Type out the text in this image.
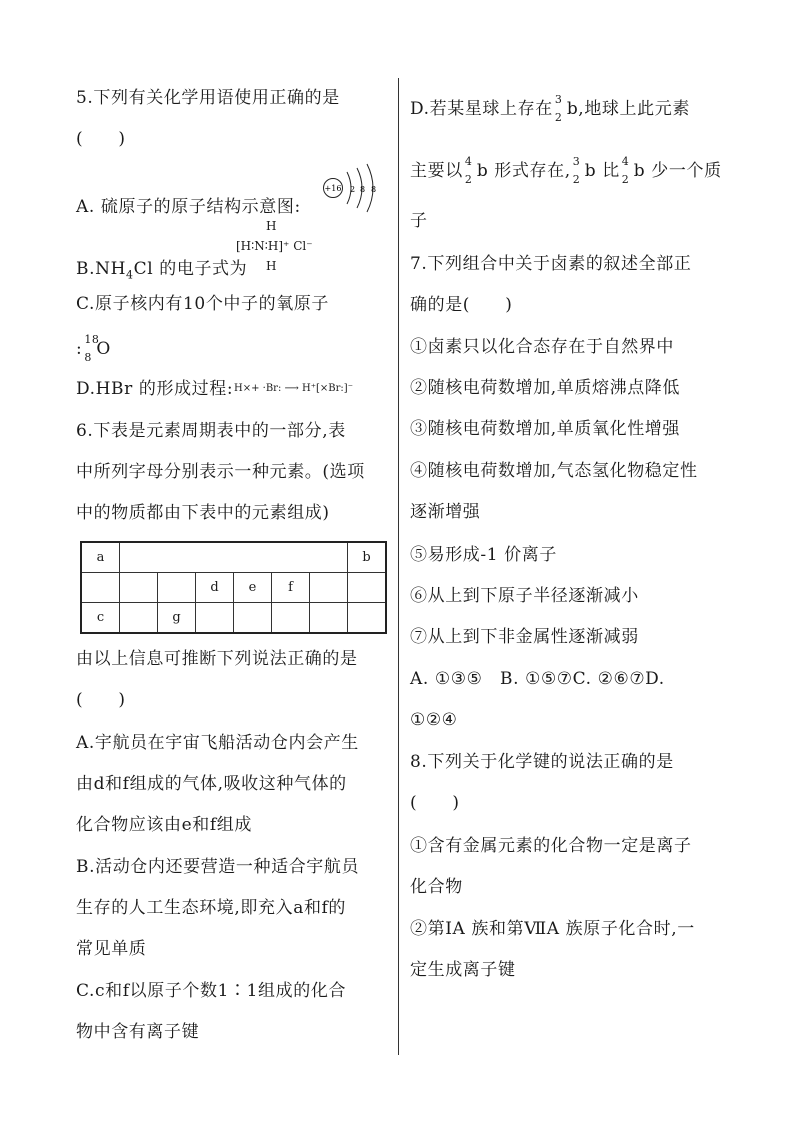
5.下列有关化学用语使用正确的是
(　　)
A. 硫原子的原子结构示意图:
+16 2 8 8
$B.NH_4Cl$ 的电子式为
H
[H∶N∶H]⁺ Cl⁻
H
C.原子核内有10个中子的氧原子
: 18
8 O
D.HBr 的形成过程: H×+ ·Br: ⟶ H⁺[×Br:]⁻
6.下表是元素周期表中的一部分,表
中所列字母分别表示一种元素。(选项
中的物质都由下表中的元素组成)
a							b
			d	e	f		
c		g					
由以上信息可推断下列说法正确的是
(　　)
A.宇航员在宇宙飞船活动仓内会产生
由d和f组成的气体,吸收这种气体的
化合物应该由e和f组成
B.活动仓内还要营造一种适合宇航员
生存的人工生态环境,即充入a和f的
常见单质
C.c和f以原子个数1∶1组成的化合
物中含有离子键
D.若某星球上存在 3
2 b,地球上此元素
主要以 4
2 b 形式存在, 3
2 b 比 4
2 b 少一个质
子
7.下列组合中关于卤素的叙述全部正
确的是(　　)
①卤素只以化合态存在于自然界中
②随核电荷数增加,单质熔沸点降低
③随核电荷数增加,单质氧化性增强
④随核电荷数增加,气态氢化物稳定性
逐渐增强
⑤易形成-1 价离子
⑥从上到下原子半径逐渐减小
⑦从上到下非金属性逐渐减弱
A. ①③⑤　B. ①⑤⑦C. ②⑥⑦D.
①②④
8.下列关于化学键的说法正确的是
(　　)
①含有金属元素的化合物一定是离子
化合物
②第ⅠA 族和第ⅦA 族原子化合时,一
定生成离子键
